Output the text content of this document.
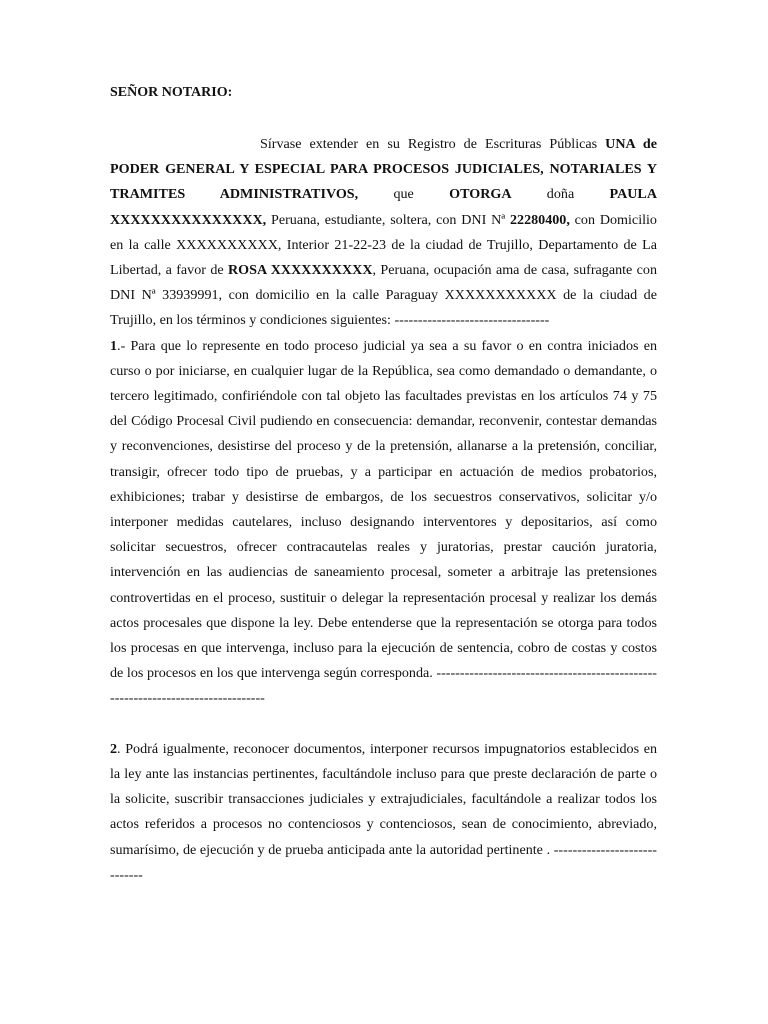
SEÑOR NOTARIO:

Sírvase extender en su Registro de Escrituras Públicas UNA de PODER GENERAL Y ESPECIAL PARA PROCESOS JUDICIALES, NOTARIALES Y TRAMITES ADMINISTRATIVOS, que OTORGA doña PAULA XXXXXXXXXXXXXXX, Peruana, estudiante, soltera, con DNI Nª 22280400, con Domicilio en la calle XXXXXXXXXX, Interior 21-22-23 de la ciudad de Trujillo, Departamento de La Libertad, a favor de ROSA XXXXXXXXXX, Peruana, ocupación ama de casa, sufragante con DNI Nª 33939991, con domicilio en la calle Paraguay XXXXXXXXXXX de la ciudad de Trujillo, en los términos y condiciones siguientes: ---------------------------------

1.- Para que lo represente en todo proceso judicial ya sea a su favor o en contra iniciados en curso o por iniciarse, en cualquier lugar de la República, sea como demandado o demandante, o tercero legitimado, confiriéndole con tal objeto las facultades previstas en los artículos 74 y 75 del Código Procesal Civil pudiendo en consecuencia: demandar, reconvenir, contestar demandas y reconvenciones, desistirse del proceso y de la pretensión, allanarse a la pretensión, conciliar, transigir, ofrecer todo tipo de pruebas, y a participar en actuación de medios probatorios, exhibiciones; trabar y desistirse de embargos, de los secuestros conservativos, solicitar y/o interponer medidas cautelares, incluso designando interventores y depositarios, así como solicitar secuestros, ofrecer contracautelas reales y juratorias, prestar caución juratoria, intervención en las audiencias de saneamiento procesal, someter a arbitraje las pretensiones controvertidas en el proceso, sustituir o delegar la representación procesal y realizar los demás actos procesales que dispone la ley. Debe entenderse que la representación se otorga para todos los procesas en que intervenga, incluso para la ejecución de sentencia, cobro de costas y costos de los procesos en los que intervenga según corresponda. --------------------------------------------------------------------------------

2. Podrá igualmente, reconocer documentos, interponer recursos impugnatorios establecidos en la ley ante las instancias pertinentes, facultándole incluso para que preste declaración de parte o la solicite, suscribir transacciones judiciales y extrajudiciales, facultándole a realizar todos los actos referidos a procesos no contenciosos y contenciosos, sean de conocimiento, abreviado, sumarísimo, de ejecución y de prueba anticipada ante la autoridad pertinente . -----------------------------
